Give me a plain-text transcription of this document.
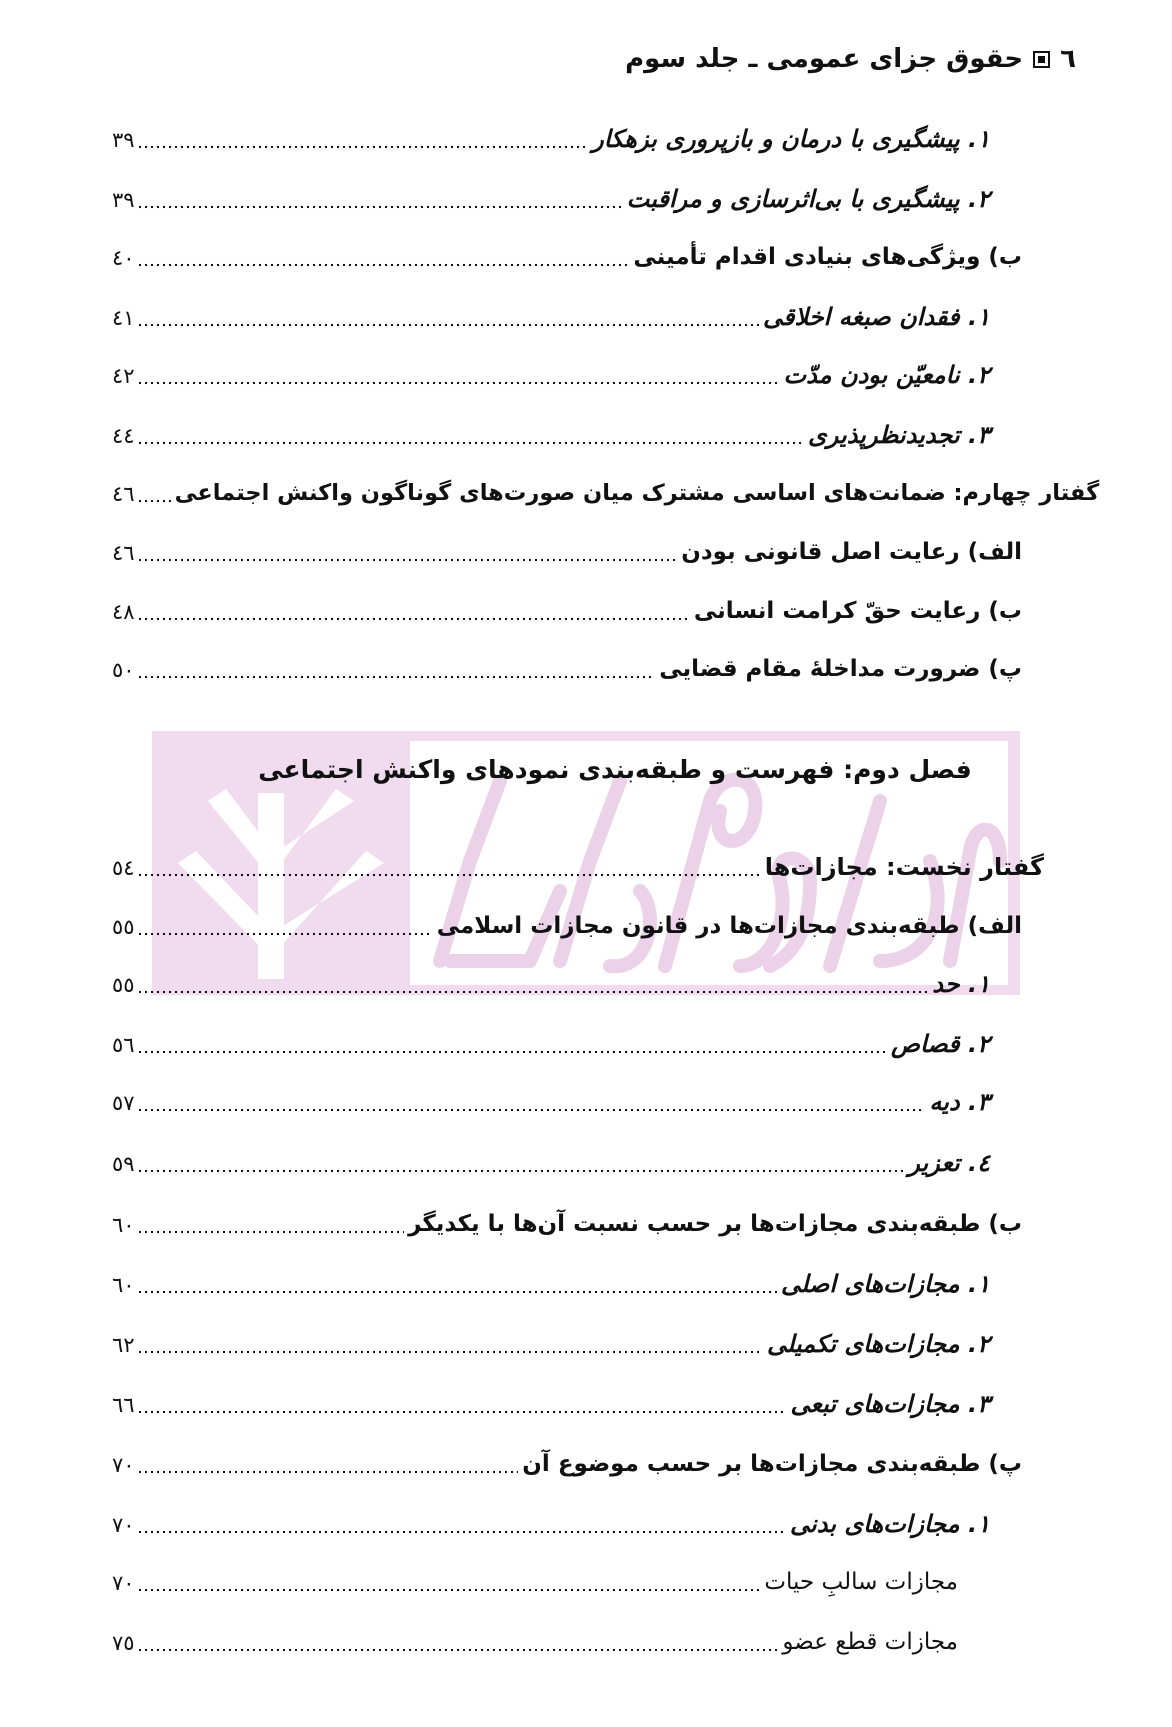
٦
حقوق جزای عمومی ـ جلد سوم
۳۹	۱. پیشگیری با درمان و بازپروری بزهکار
۳۹	۲. پیشگیری با بی‌اثرسازی و مراقبت
٤٠	ب) ویژگی‌های بنیادی اقدام تأمینی
٤۱	۱. فقدان صبغه اخلاقی
٤۲	۲. نامعیّن بودن مدّت
٤٤	۳. تجدیدنظرپذیری
٤٦ گفتار چهارم: ضمانت‌های اساسی مشترک میان صورت‌های گوناگون واکنش اجتماعی
٤٦	الف) رعایت اصل قانونی بودن
٤۸	ب) رعایت حقّ کرامت انسانی
٥٠	پ) ضرورت مداخلهٔ مقام قضایی
فصل دوم: فهرست و طبقه‌بندی نمودهای واکنش اجتماعی
٥٤	گفتار نخست: مجازات‌ها
٥٥	الف) طبقه‌بندی مجازات‌ها در قانون مجازات اسلامی
٥٥	۱. حد
٥٦	۲. قصاص
٥۷	۳. دیه
٥۹	٤. تعزیر
٦٠	ب) طبقه‌بندی مجازات‌ها بر حسب نسبت آن‌ها با یکدیگر
٦٠	۱. مجازات‌های اصلی
٦۲	۲. مجازات‌های تکمیلی
٦٦	۳. مجازات‌های تبعی
۷٠	پ) طبقه‌بندی مجازات‌ها بر حسب موضوع آن
۷٠	۱. مجازات‌های بدنی
۷٠	مجازات سالبِ حیات
۷٥	مجازات قطع عضو
